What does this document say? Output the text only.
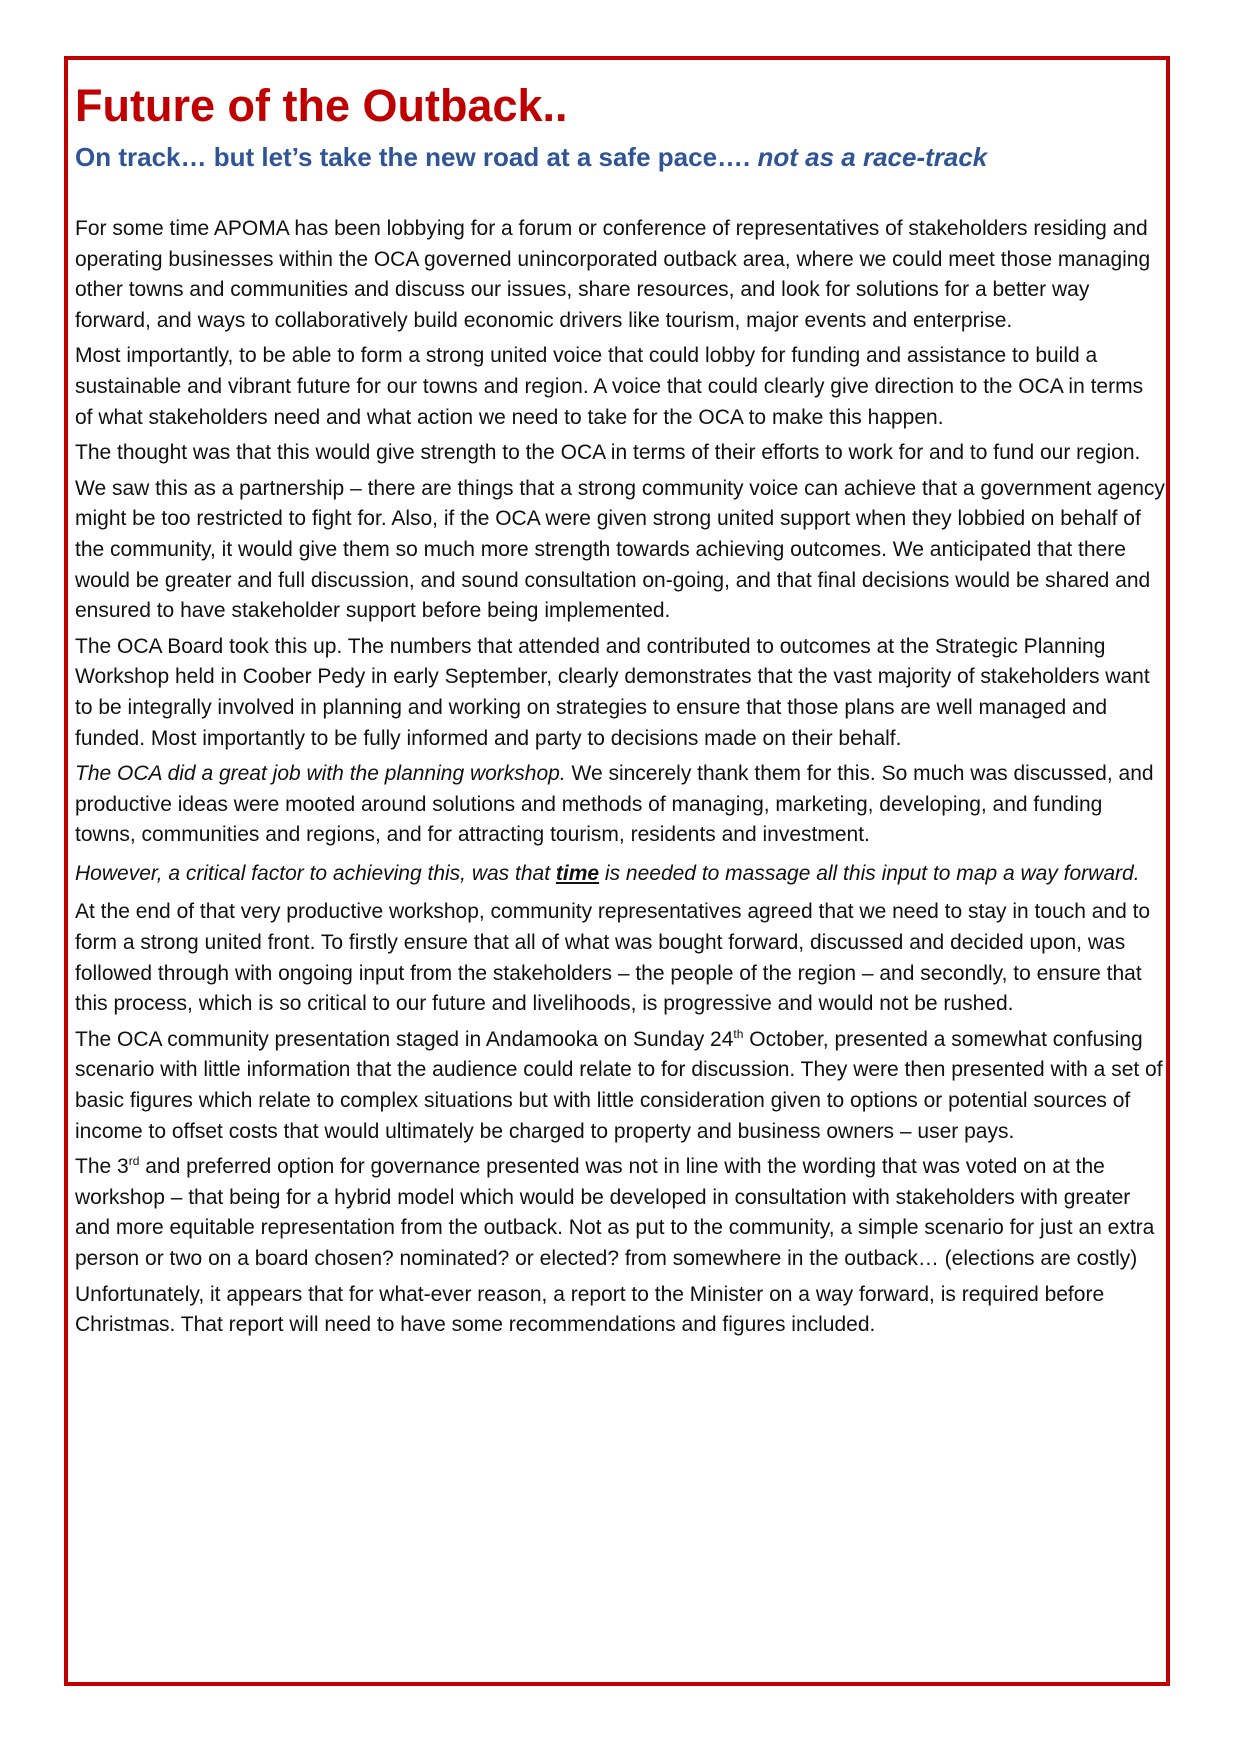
Future of the Outback..
On track… but let’s take the new road at a safe pace…. not as a race-track

For some time APOMA has been lobbying for a forum or conference of representatives of stakeholders residing and operating businesses within the OCA governed unincorporated outback area, where we could meet those managing other towns and communities and discuss our issues, share resources, and look for solutions for a better way forward, and ways to collaboratively build economic drivers like tourism, major events and enterprise.

Most importantly, to be able to form a strong united voice that could lobby for funding and assistance to build a sustainable and vibrant future for our towns and region. A voice that could clearly give direction to the OCA in terms of what stakeholders need and what action we need to take for the OCA to make this happen.

The thought was that this would give strength to the OCA in terms of their efforts to work for and to fund our region.

We saw this as a partnership – there are things that a strong community voice can achieve that a government agency might be too restricted to fight for. Also, if the OCA were given strong united support when they lobbied on behalf of the community, it would give them so much more strength towards achieving outcomes. We anticipated that there would be greater and full discussion, and sound consultation on-going, and that final decisions would be shared and ensured to have stakeholder support before being implemented.

The OCA Board took this up. The numbers that attended and contributed to outcomes at the Strategic Planning Workshop held in Coober Pedy in early September, clearly demonstrates that the vast majority of stakeholders want to be integrally involved in planning and working on strategies to ensure that those plans are well managed and funded. Most importantly to be fully informed and party to decisions made on their behalf.

The OCA did a great job with the planning workshop. We sincerely thank them for this. So much was discussed, and productive ideas were mooted around solutions and methods of managing, marketing, developing, and funding towns, communities and regions, and for attracting tourism, residents and investment.

However, a critical factor to achieving this, was that time is needed to massage all this input to map a way forward.

At the end of that very productive workshop, community representatives agreed that we need to stay in touch and to form a strong united front. To firstly ensure that all of what was bought forward, discussed and decided upon, was followed through with ongoing input from the stakeholders – the people of the region – and secondly, to ensure that this process, which is so critical to our future and livelihoods, is progressive and would not be rushed.

The OCA community presentation staged in Andamooka on Sunday 24th October, presented a somewhat confusing scenario with little information that the audience could relate to for discussion. They were then presented with a set of basic figures which relate to complex situations but with little consideration given to options or potential sources of income to offset costs that would ultimately be charged to property and business owners – user pays.

The 3rd and preferred option for governance presented was not in line with the wording that was voted on at the workshop – that being for a hybrid model which would be developed in consultation with stakeholders with greater and more equitable representation from the outback. Not as put to the community, a simple scenario for just an extra person or two on a board chosen? nominated? or elected? from somewhere in the outback… (elections are costly)

Unfortunately, it appears that for what-ever reason, a report to the Minister on a way forward, is required before Christmas. That report will need to have some recommendations and figures included.
